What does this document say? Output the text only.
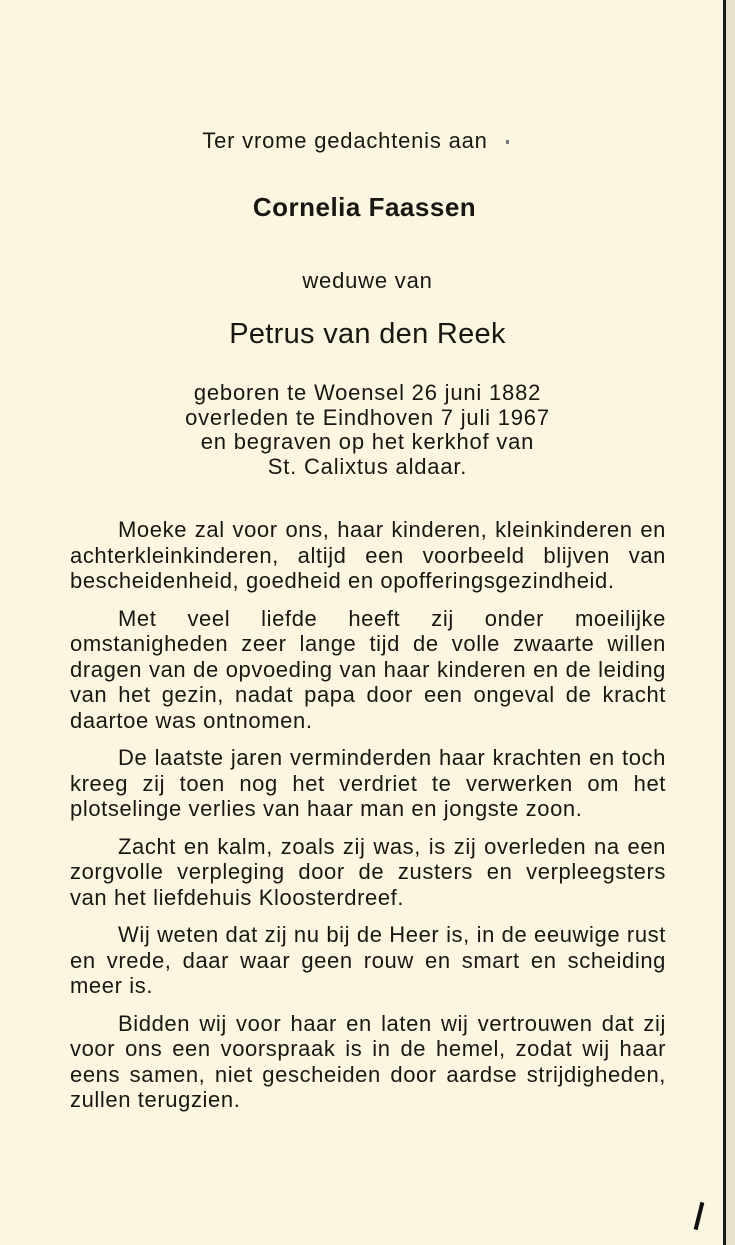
Ter vrome gedachtenis aan
Cornelia Faassen
weduwe van
Petrus van den Reek
geboren te Woensel 26 juni 1882
overleden te Eindhoven 7 juli 1967
en begraven op het kerkhof van
St. Calixtus aldaar.

Moeke zal voor ons, haar kinderen, kleinkinderen en achterkleinkinderen, altijd een voorbeeld blijven van bescheidenheid, goedheid en opofferingsgezindheid.

Met veel liefde heeft zij onder moeilijke omstanigheden zeer lange tijd de volle zwaarte willen dragen van de opvoeding van haar kinderen en de leiding van het gezin, nadat papa door een ongeval de kracht daartoe was ontnomen.

De laatste jaren verminderden haar krachten en toch kreeg zij toen nog het verdriet te verwerken om het plotselinge verlies van haar man en jongste zoon.

Zacht en kalm, zoals zij was, is zij overleden na een zorgvolle verpleging door de zusters en verpleegsters van het liefdehuis Kloosterdreef.

Wij weten dat zij nu bij de Heer is, in de eeuwige rust en vrede, daar waar geen rouw en smart en scheiding meer is.

Bidden wij voor haar en laten wij vertrouwen dat zij voor ons een voorspraak is in de hemel, zodat wij haar eens samen, niet gescheiden door aardse strijdigheden, zullen terugzien.
